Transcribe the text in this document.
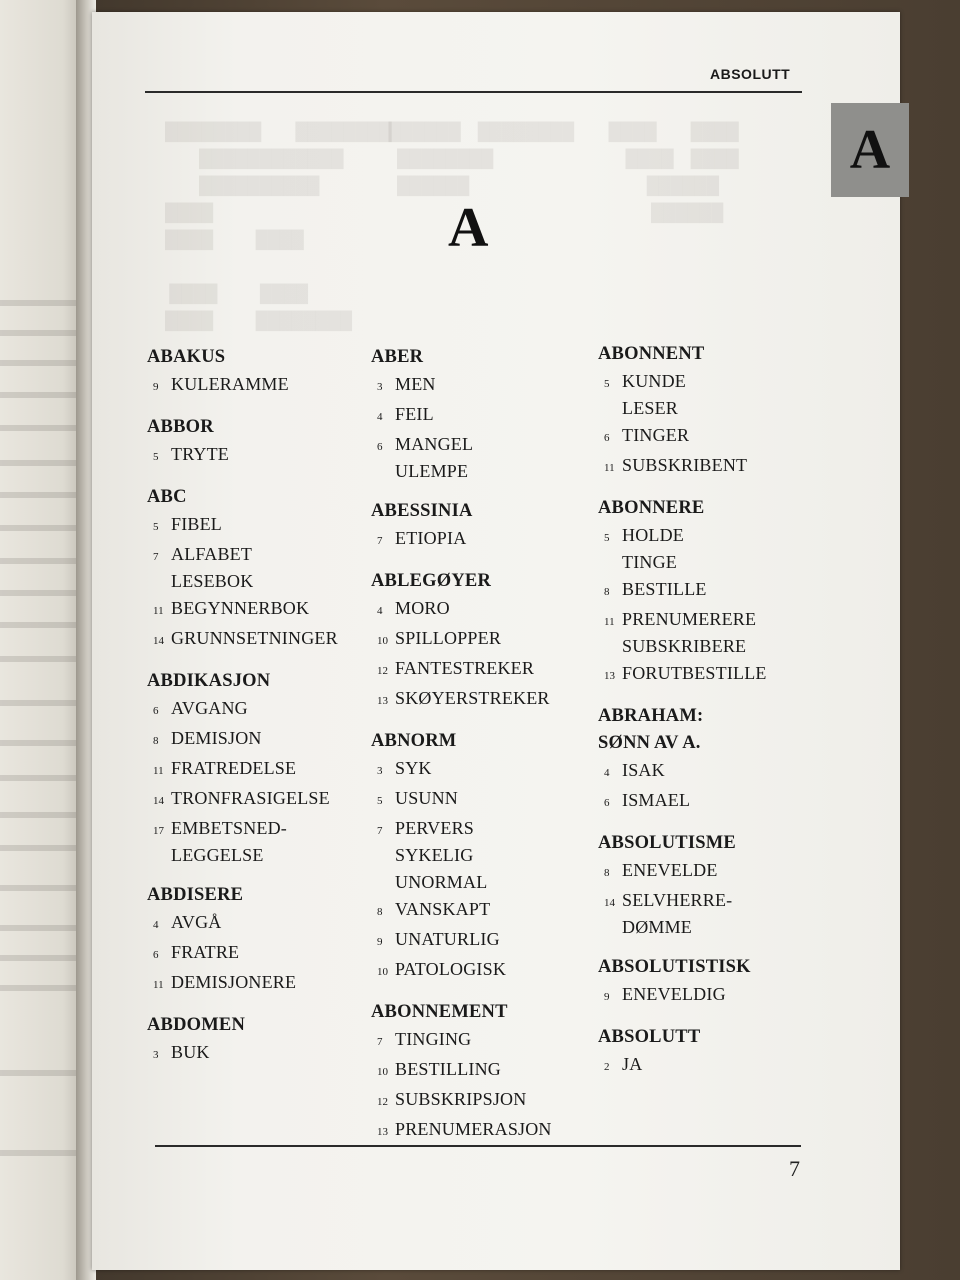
████████        ████████
████████████
██████████
████
████          ████

████          ████
████          ████████
██████    ████████
████████
██████
████        ████
████    ████
██████
██████
ABSOLUTT
A
A
ABAKUS
9 KULERAMME
ABBOR
5 TRYTE
ABC
5 FIBEL
7 ALFABET
LESEBOK
11 BEGYNNERBOK
14 GRUNNSETNINGER
ABDIKASJON
6 AVGANG
8 DEMISJON
11 FRATREDELSE
14 TRONFRASIGELSE
17 EMBETSNED-
LEGGELSE
ABDISERE
4 AVGÅ
6 FRATRE
11 DEMISJONERE
ABDOMEN
3 BUK
ABER
3 MEN
4 FEIL
6 MANGEL
ULEMPE
ABESSINIA
7 ETIOPIA
ABLEGØYER
4 MORO
10 SPILLOPPER
12 FANTESTREKER
13 SKØYERSTREKER
ABNORM
3 SYK
5 USUNN
7 PERVERS
SYKELIG
UNORMAL
8 VANSKAPT
9 UNATURLIG
10 PATOLOGISK
ABONNEMENT
7 TINGING
10 BESTILLING
12 SUBSKRIPSJON
13 PRENUMERASJON
ABONNENT
5 KUNDE
LESER
6 TINGER
11 SUBSKRIBENT
ABONNERE
5 HOLDE
TINGE
8 BESTILLE
11 PRENUMERERE
SUBSKRIBERE
13 FORUTBESTILLE
ABRAHAM:
SØNN AV A.
4 ISAK
6 ISMAEL
ABSOLUTISME
8 ENEVELDE
14 SELVHERRE-
DØMME
ABSOLUTISTISK
9 ENEVELDIG
ABSOLUTT
2 JA
7
